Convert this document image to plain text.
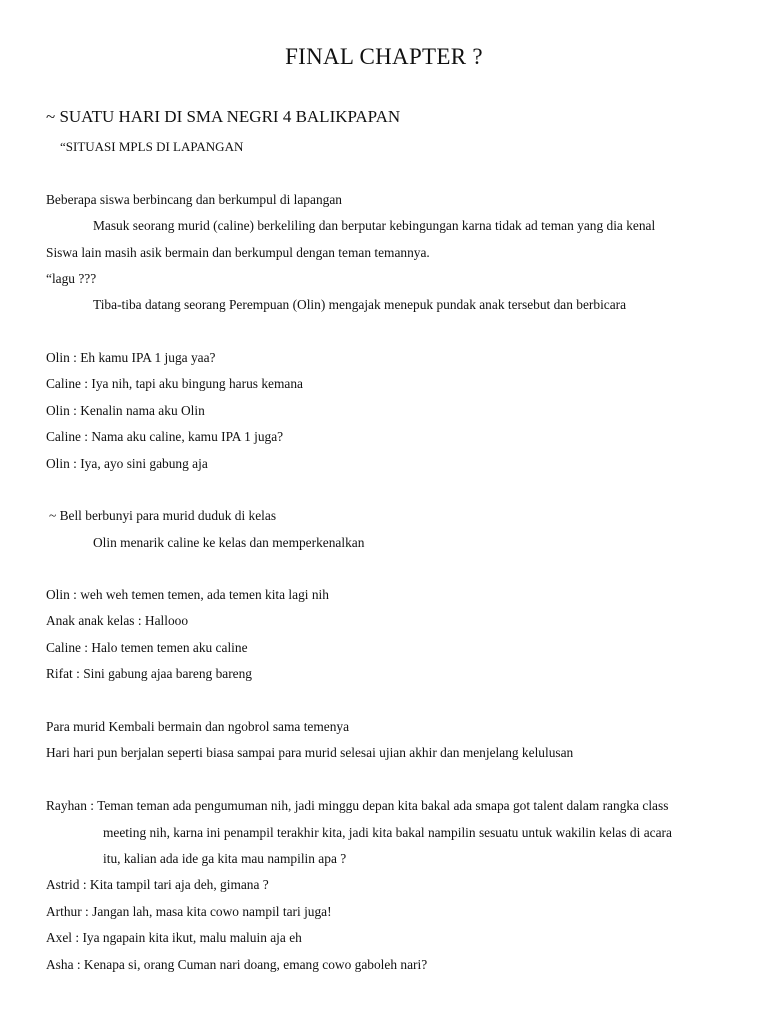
FINAL CHAPTER ?
~ SUATU HARI DI SMA NEGRI 4 BALIKPAPAN
“SITUASI MPLS DI LAPANGAN
Beberapa siswa berbincang dan berkumpul di lapangan
Masuk seorang murid (caline) berkeliling dan berputar kebingungan karna tidak ad teman yang dia kenal
Siswa lain masih asik bermain dan berkumpul dengan teman temannya.
“lagu ???
Tiba-tiba datang seorang Perempuan (Olin) mengajak menepuk pundak anak tersebut dan berbicara
Olin : Eh kamu IPA 1 juga yaa?
Caline : Iya nih, tapi aku bingung harus kemana
Olin : Kenalin nama aku Olin
Caline : Nama aku caline, kamu IPA 1 juga?
Olin : Iya, ayo sini gabung aja
~ Bell berbunyi para murid duduk di kelas
Olin menarik caline ke kelas dan memperkenalkan
Olin : weh weh temen temen, ada temen kita lagi nih
Anak anak kelas : Hallooo
Caline : Halo temen temen aku caline
Rifat : Sini gabung ajaa bareng bareng
Para murid Kembali bermain dan ngobrol sama temenya
Hari hari pun berjalan seperti biasa sampai para murid selesai ujian akhir dan menjelang kelulusan
Rayhan : Teman teman ada pengumuman nih, jadi minggu depan kita bakal ada smapa got talent dalam rangka class
meeting nih, karna ini penampil terakhir kita, jadi kita bakal nampilin sesuatu untuk wakilin kelas di acara
itu, kalian ada ide ga kita mau nampilin apa ?
Astrid : Kita tampil tari aja deh, gimana ?
Arthur : Jangan lah, masa kita cowo nampil tari juga!
Axel : Iya ngapain kita ikut, malu maluin aja eh
Asha : Kenapa si, orang Cuman nari doang, emang cowo gaboleh nari?
